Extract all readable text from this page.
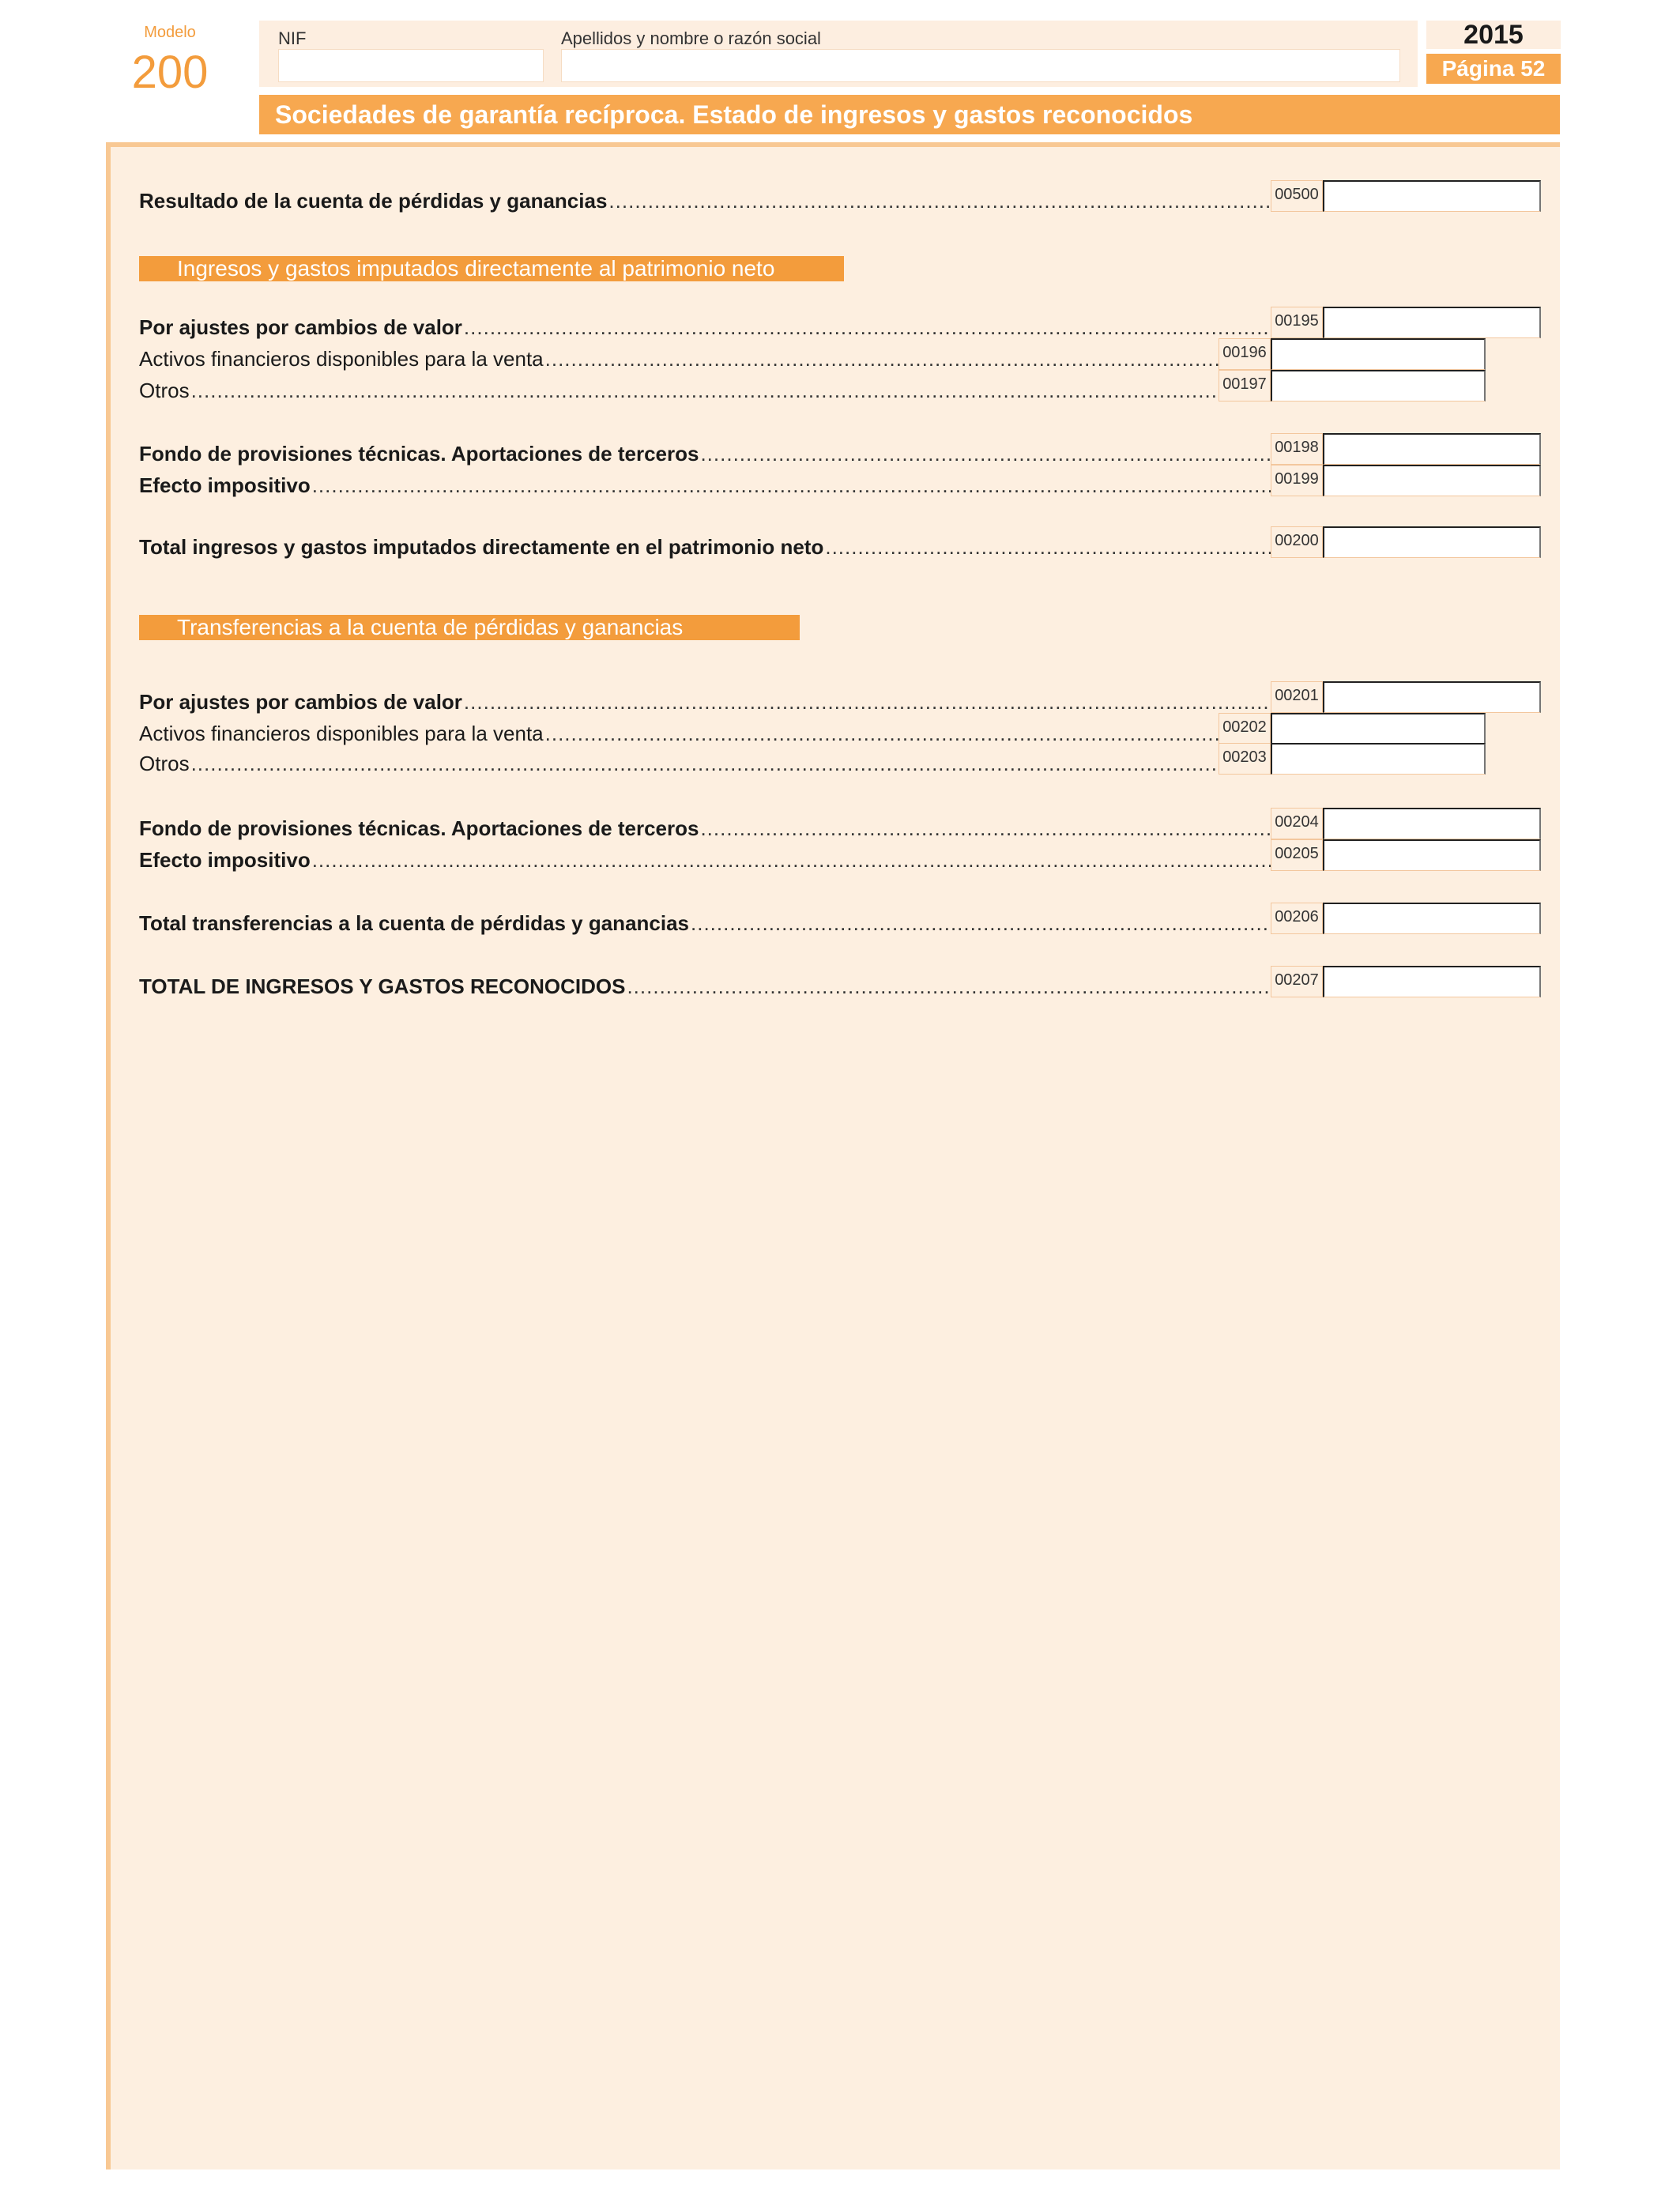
Modelo
200
NIF	Apellidos y nombre o razón social	2015
Página 52
Sociedades de garantía recíproca. Estado de ingresos y gastos reconocidos
Resultado de la cuenta de pérdidas y ganancias .....	00500
Ingresos y gastos imputados directamente al patrimonio neto
Por ajustes por cambios de valor .....	00195
Activos financieros disponibles para la venta .....	00196
Otros .....	00197
Fondo de provisiones técnicas. Aportaciones de terceros .....	00198
Efecto impositivo .....	00199
Total ingresos y gastos imputados directamente en el patrimonio neto .....	00200
Transferencias a la cuenta de pérdidas y ganancias
Por ajustes por cambios de valor .....	00201
Activos financieros disponibles para la venta .....	00202
Otros .....	00203
Fondo de provisiones técnicas. Aportaciones de terceros .....	00204
Efecto impositivo .....	00205
Total transferencias a la cuenta de pérdidas y ganancias .....	00206
TOTAL DE INGRESOS Y GASTOS RECONOCIDOS .....	00207
